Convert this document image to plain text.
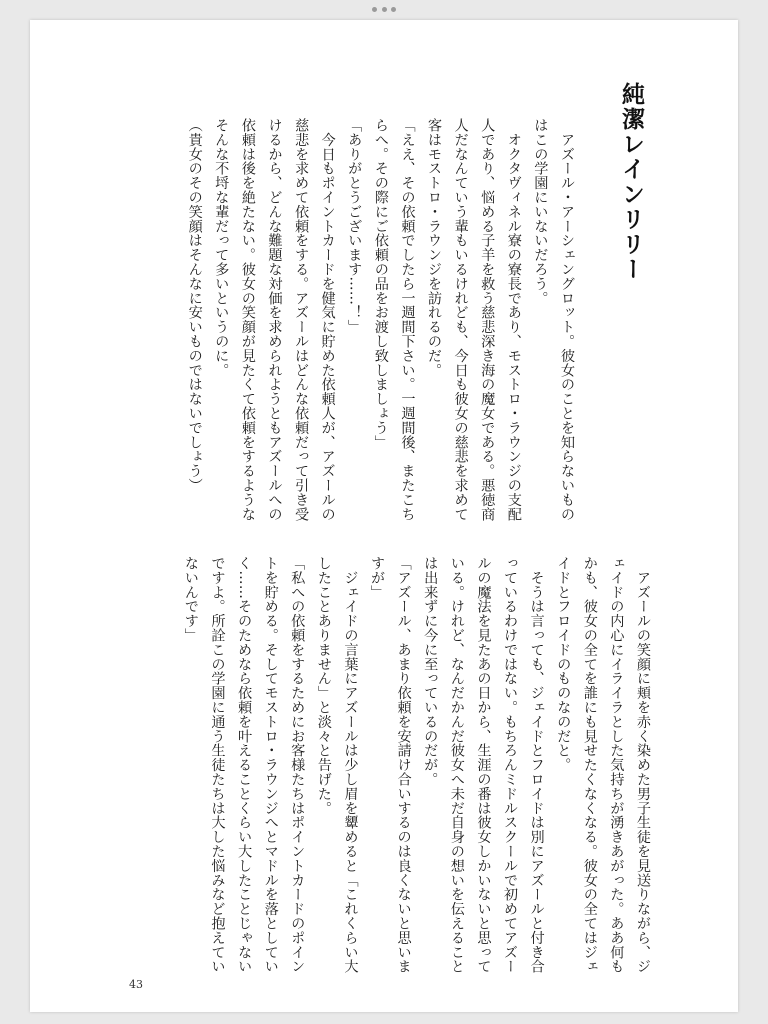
純潔レインリリー

　アズール・アーシェングロット。彼女のことを知らないものはこの学園にいないだろう。

　オクタヴィネル寮の寮長であり、モストロ・ラウンジの支配人であり、悩める子羊を救う慈悲深き海の魔女である。悪徳商人だなんていう輩もいるけれども、今日も彼女の慈悲を求めて客はモストロ・ラウンジを訪れるのだ。

「ええ、その依頼でしたら一週間下さい。一週間後、またこちらへ。その際にご依頼の品をお渡し致しましょう」

「ありがとうございます……！」

　今日もポイントカードを健気に貯めた依頼人が、アズールの慈悲を求めて依頼をする。アズールはどんな依頼だって引き受けるから、どんな難題な対価を求められようともアズールへの依頼は後を絶たない。彼女の笑顔が見たくて依頼をするようなそんな不埒な輩だって多いというのに。

（貴女のその笑顔はそんなに安いものではないでしょう）

　アズールの笑顔に頬を赤く染めた男子生徒を見送りながら、ジェイドの内心にイライラとした気持ちが湧きあがった。ああ何もかも、彼女の全てを誰にも見せたくなくなる。彼女の全てはジェイドとフロイドのものなのだと。

　そうは言っても、ジェイドとフロイドは別にアズールと付き合っているわけではない。もちろんミドルスクールで初めてアズールの魔法を見たあの日から、生涯の番は彼女しかいないと思っている。けれど、なんだかんだ彼女へ未だ自身の想いを伝えることは出来ずに今に至っているのだが。

「アズール、あまり依頼を安請け合いするのは良くないと思いますが」

　ジェイドの言葉にアズールは少し眉を顰めると「これくらい大したことありません」と淡々と告げた。

「私への依頼をするためにお客様たちはポイントカードのポイントを貯める。そしてモストロ・ラウンジへとマドルを落としていく……そのためなら依頼を叶えることくらい大したことじゃないですよ。所詮この学園に通う生徒たちは大した悩みなど抱えていないんです」

43
